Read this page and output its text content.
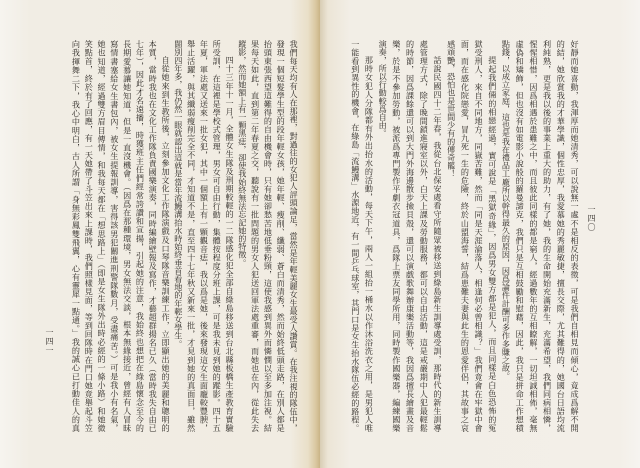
我們每天均有人在那裡，對過往的女犯人評頭論足，當然是年輕美麗女生最受人讚賞。在我注視的隊伍中，
發現一個短髮學生型的段年輕女孩，她年輕、瘦削、纖弱、蒼白而清秀，然而始終低頭走路，在別人都是
抬頭東張西望這難得的自由機會時，只有她卻愁苦地低垂粉頸，這使我感到異外而憐憫以至多加注視。結
果每天如此，直到第二年春夏之交，聽說有一批問題的男女人犯送回軍法處重審，而她也在內，從此失去
蹤影，然而她額上有一顆黑痣，卻使我始終無法忘記她的特徵。
四十三年十一月，全體女生隊及刑期較輕的一二隊感化犯全部自綠島移送到台北縣板橋生產教育實驗
所受訓，在這裡是學校式管理，男女可自由行動，集體按程度分班上課，可是我未見到她的蹤影。四十五
年夏，軍法處又送來一批女犯，其中一個額上有一顆觀音痣，我以爲是她，後來發現這女生面龐較豐腴，
舉止活躍，與其纖弱瘦削完全不同，才知道不是，直至四十七年秋又新來一批，才見到她的真面目，雖然
闊別四年多，我仍然一眼就認出這就是當年流鰻溝抬水時始終垂首看地的年輕女學生。
自從她來到生教所後，立刻參加文化工作隊演戲及口琴隊音樂訓練工作，立即顯出她的美麗和聰明的
本質，當時我也在文化工作隊負責國樂演奏，同時編繪壁報及寫作，才藝超群揚名已久（當時我失自由已
七年），因此才名遠播，時獲班主任們經常誇讚和宣揚，引起她的注意，我始終也想把在綠島懷念至今的
長期愛慕讓她知道，但是一直沒機會。（因爲在那種環境，男女無法交談，根本無緣接近，曾經有人冒昧
寫情書塞給女生書包內，被女生提報訓導，害得該男犯關進刑警隊數月，受盡痛苦。）可是我小有名氣，
她也知道，經過雙方眉目傳情，和我每天都在「想思路上」（即是女生隊外出時必經的一條小路）和她微
笑點首，終於有了回應，有一天她帶了斗笠出來上課時，我們照樣見面，等到回隊時在門口她竟舉起斗笠
向我揮舞二下，我心中明白，古人所謂「身無彩鳳雙飛翼，心有靈犀一點通。」我的誠心已打動佳人的真
一四一	好靜而她喜動，我渾厚而她清秀，可以說無一處不是相反的表徵，可是我們自相見而傾心，竟成爲解不開
的結，她欣賞我的才華學識，個性忠厚，我愛慕她的秀麗敏捷，擅長交際，尤其難得的，她國台日語均流
利純熟，更是我以後的事業上重大的助力，有了她，我的生命開始充滿新生，充滿希望，我們同病相憐，
惺惺相惜，因爲相遇於患難之中，而且彼此同樣的都是窮人，經過數年的互相瞭解，一切坦誠相佈，毫無
虛偽和矯飾，但也沒有如電影小說般的羅曼諦克，我們只是互相鼓勵和慰藉，因此，我只是拼命工作想積
點錢，以成立家庭，這也是我在禮品工廠所以幹得最久的原因，因爲論件計酬可多作多賺之故。
提起我們倆的相戀經過，實可說是「黑獄奇緣」，因爲男女雙方都是犯人，而且同樣是白色恐怖的冤
獄受刑人，來自不同地方，同嶽苦難，然而「同是天涯淪落人，相逢何必曾相識？」我們竟會在牢獄中會
面，而在感化院戀愛，冒九死一生的危險，終於山盟海誓，結爲患難夫妻與此生的恩愛伴侶，其故事之哀
感頑艷，恐怕也是世間少有的傳奇罷！
話說民國四十二年春，我從台北保安處看守所隨眾被移送到綠島新生訓導處受訓，那時代的新生訓導
處管理方式，除了晚間鎖進寢室以外，白天上課及勞動服務，都可以自由活動，這是戒嚴期中人犯最輕鬆
的時節，因爲課餘還可以到大門外海邊散步撿貝殼，還可以演戲歌舞辦康樂活動等，我因爲擅長繪畫及音
樂，於是不參加勞動，被派爲專門製作平劇衣冠道具，爲隊上票友同學所用，同時製作國樂器，編練國樂
演奏，所以行動較爲自由。
那時女犯人分隊都有外出抬水的活動，每天下午，兩人一組抬一桶水以作沐浴洗衣之用，是男犯人唯
一能看到異性的機會，在綠島「流鰻溝」水源地近，有一間乒乓球室，其門口是女生抬水隊伍必經的路程。	一四〇
